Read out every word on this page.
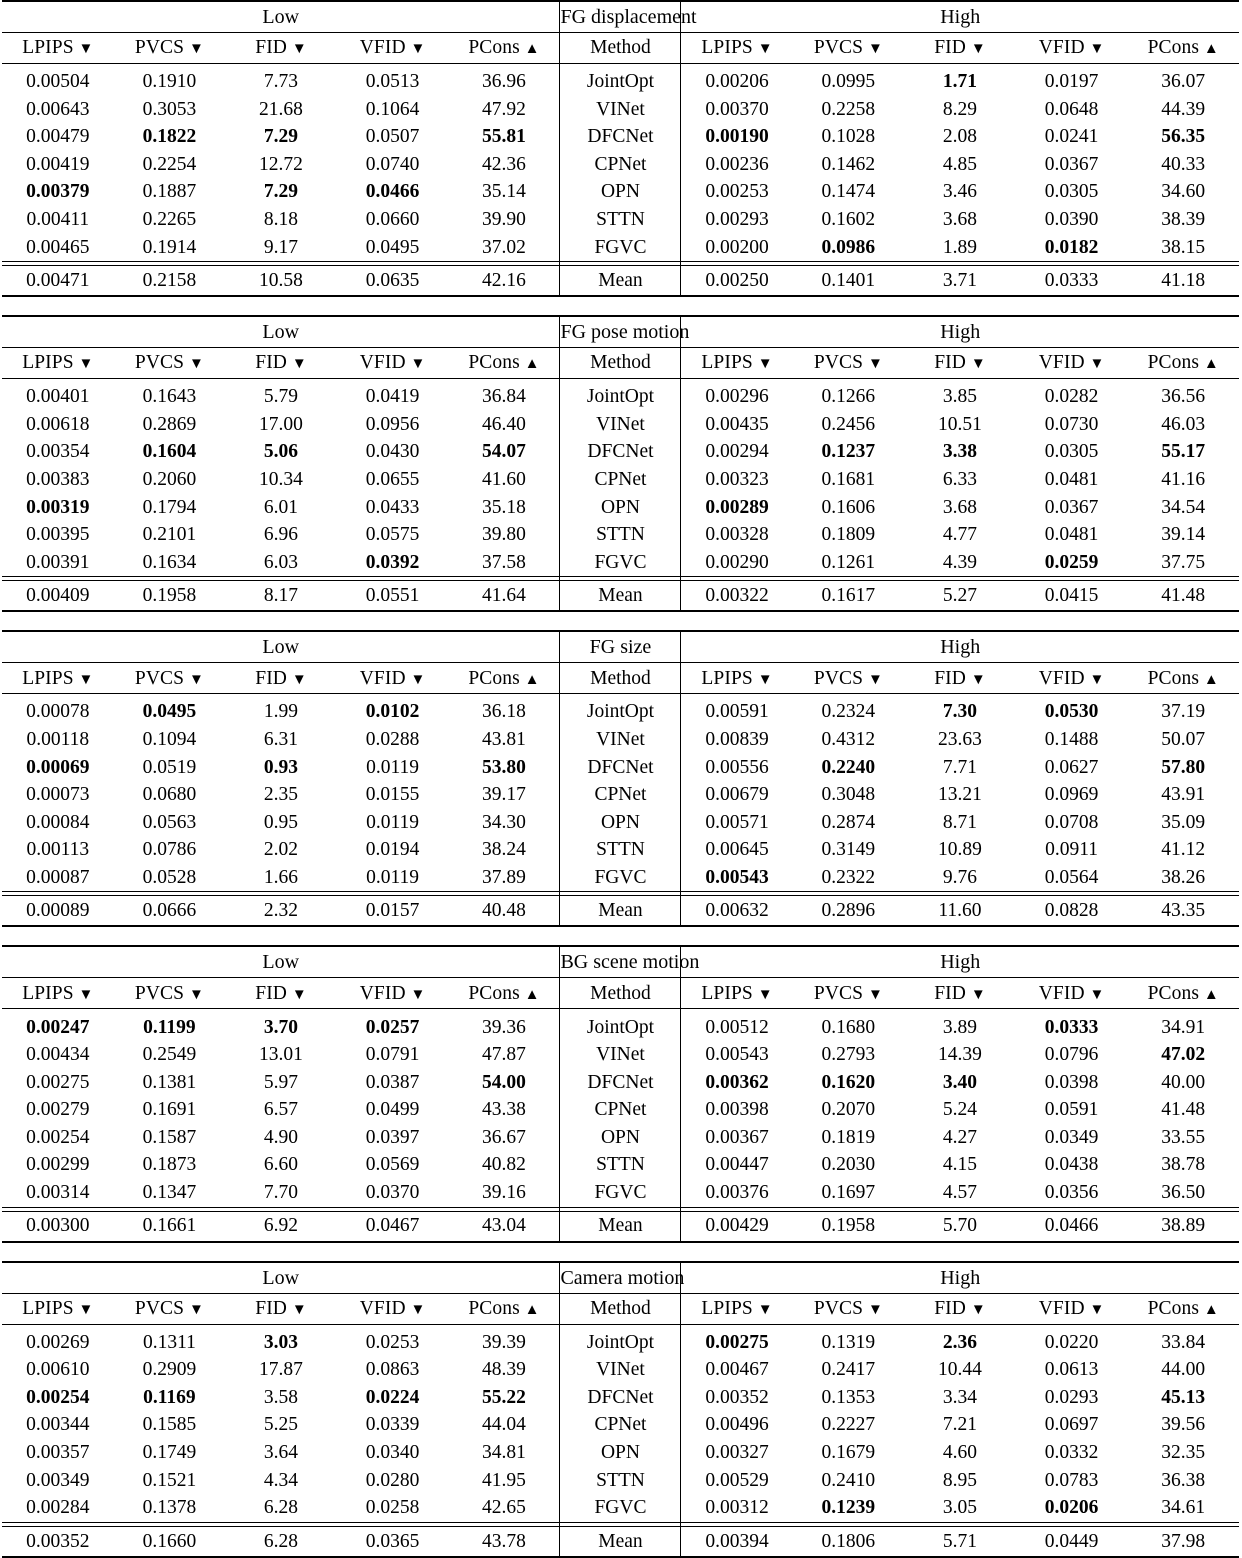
Low					FG displacement	High				
LPIPS ▼	PVCS ▼	FID ▼	VFID ▼	PCons ▲	Method	LPIPS ▼	PVCS ▼	FID ▼	VFID ▼	PCons ▲

0.00504	0.1910	7.73	0.0513	36.96	JointOpt	0.00206	0.0995	1.71	0.0197	36.07
0.00643	0.3053	21.68	0.1064	47.92	VINet	0.00370	0.2258	8.29	0.0648	44.39
0.00479	0.1822	7.29	0.0507	55.81	DFCNet	0.00190	0.1028	2.08	0.0241	56.35
0.00419	0.2254	12.72	0.0740	42.36	CPNet	0.00236	0.1462	4.85	0.0367	40.33
0.00379	0.1887	7.29	0.0466	35.14	OPN	0.00253	0.1474	3.46	0.0305	34.60
0.00411	0.2265	8.18	0.0660	39.90	STTN	0.00293	0.1602	3.68	0.0390	38.39
0.00465	0.1914	9.17	0.0495	37.02	FGVC	0.00200	0.0986	1.89	0.0182	38.15

0.00471	0.2158	10.58	0.0635	42.16	Mean	0.00250	0.1401	3.71	0.0333	41.18

Low					FG pose motion	High				
LPIPS ▼	PVCS ▼	FID ▼	VFID ▼	PCons ▲	Method	LPIPS ▼	PVCS ▼	FID ▼	VFID ▼	PCons ▲

0.00401	0.1643	5.79	0.0419	36.84	JointOpt	0.00296	0.1266	3.85	0.0282	36.56
0.00618	0.2869	17.00	0.0956	46.40	VINet	0.00435	0.2456	10.51	0.0730	46.03
0.00354	0.1604	5.06	0.0430	54.07	DFCNet	0.00294	0.1237	3.38	0.0305	55.17
0.00383	0.2060	10.34	0.0655	41.60	CPNet	0.00323	0.1681	6.33	0.0481	41.16
0.00319	0.1794	6.01	0.0433	35.18	OPN	0.00289	0.1606	3.68	0.0367	34.54
0.00395	0.2101	6.96	0.0575	39.80	STTN	0.00328	0.1809	4.77	0.0481	39.14
0.00391	0.1634	6.03	0.0392	37.58	FGVC	0.00290	0.1261	4.39	0.0259	37.75

0.00409	0.1958	8.17	0.0551	41.64	Mean	0.00322	0.1617	5.27	0.0415	41.48

Low					FG size	High				
LPIPS ▼	PVCS ▼	FID ▼	VFID ▼	PCons ▲	Method	LPIPS ▼	PVCS ▼	FID ▼	VFID ▼	PCons ▲

0.00078	0.0495	1.99	0.0102	36.18	JointOpt	0.00591	0.2324	7.30	0.0530	37.19
0.00118	0.1094	6.31	0.0288	43.81	VINet	0.00839	0.4312	23.63	0.1488	50.07
0.00069	0.0519	0.93	0.0119	53.80	DFCNet	0.00556	0.2240	7.71	0.0627	57.80
0.00073	0.0680	2.35	0.0155	39.17	CPNet	0.00679	0.3048	13.21	0.0969	43.91
0.00084	0.0563	0.95	0.0119	34.30	OPN	0.00571	0.2874	8.71	0.0708	35.09
0.00113	0.0786	2.02	0.0194	38.24	STTN	0.00645	0.3149	10.89	0.0911	41.12
0.00087	0.0528	1.66	0.0119	37.89	FGVC	0.00543	0.2322	9.76	0.0564	38.26

0.00089	0.0666	2.32	0.0157	40.48	Mean	0.00632	0.2896	11.60	0.0828	43.35

Low					BG scene motion	High				
LPIPS ▼	PVCS ▼	FID ▼	VFID ▼	PCons ▲	Method	LPIPS ▼	PVCS ▼	FID ▼	VFID ▼	PCons ▲

0.00247	0.1199	3.70	0.0257	39.36	JointOpt	0.00512	0.1680	3.89	0.0333	34.91
0.00434	0.2549	13.01	0.0791	47.87	VINet	0.00543	0.2793	14.39	0.0796	47.02
0.00275	0.1381	5.97	0.0387	54.00	DFCNet	0.00362	0.1620	3.40	0.0398	40.00
0.00279	0.1691	6.57	0.0499	43.38	CPNet	0.00398	0.2070	5.24	0.0591	41.48
0.00254	0.1587	4.90	0.0397	36.67	OPN	0.00367	0.1819	4.27	0.0349	33.55
0.00299	0.1873	6.60	0.0569	40.82	STTN	0.00447	0.2030	4.15	0.0438	38.78
0.00314	0.1347	7.70	0.0370	39.16	FGVC	0.00376	0.1697	4.57	0.0356	36.50

0.00300	0.1661	6.92	0.0467	43.04	Mean	0.00429	0.1958	5.70	0.0466	38.89

Low					Camera motion	High				
LPIPS ▼	PVCS ▼	FID ▼	VFID ▼	PCons ▲	Method	LPIPS ▼	PVCS ▼	FID ▼	VFID ▼	PCons ▲

0.00269	0.1311	3.03	0.0253	39.39	JointOpt	0.00275	0.1319	2.36	0.0220	33.84
0.00610	0.2909	17.87	0.0863	48.39	VINet	0.00467	0.2417	10.44	0.0613	44.00
0.00254	0.1169	3.58	0.0224	55.22	DFCNet	0.00352	0.1353	3.34	0.0293	45.13
0.00344	0.1585	5.25	0.0339	44.04	CPNet	0.00496	0.2227	7.21	0.0697	39.56
0.00357	0.1749	3.64	0.0340	34.81	OPN	0.00327	0.1679	4.60	0.0332	32.35
0.00349	0.1521	4.34	0.0280	41.95	STTN	0.00529	0.2410	8.95	0.0783	36.38
0.00284	0.1378	6.28	0.0258	42.65	FGVC	0.00312	0.1239	3.05	0.0206	34.61

0.00352	0.1660	6.28	0.0365	43.78	Mean	0.00394	0.1806	5.71	0.0449	37.98
